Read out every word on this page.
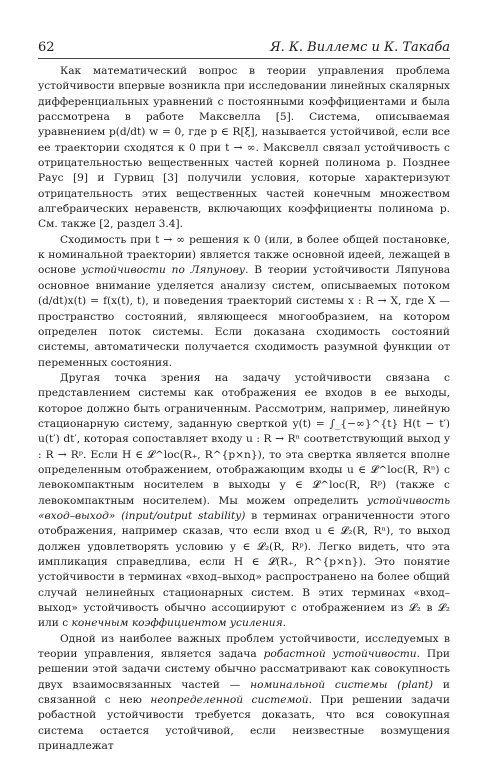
62	Я. К. Виллемс и К. Такаба

Как математический вопрос в теории управления проблема устойчивости впервые возникла при исследовании линейных скалярных дифференциальных уравнений с постоянными коэффициентами и была рассмотрена в работе Максвелла [5]. Система, описываемая уравнением p(d/dt) w = 0, где p ∈ R[ξ], называется устойчивой, если все ее траектории сходятся к 0 при t → ∞. Максвелл связал устойчивость с отрицательностью вещественных частей корней полинома p. Позднее Раус [9] и Гурвиц [3] получили условия, которые характеризуют отрицательность этих вещественных частей конечным множеством алгебраических неравенств, включающих коэффициенты полинома p. См. также [2, раздел 3.4].

Сходимость при t → ∞ решения к 0 (или, в более общей постановке, к номинальной траектории) является также основной идеей, лежащей в основе устойчивости по Ляпунову. В теории устойчивости Ляпунова основное внимание уделяется анализу систем, описываемых потоком (d/dt)x(t) = f(x(t), t), и поведения траекторий системы x : R → X, где X — пространство состояний, являющееся многообразием, на котором определен поток системы. Если доказана сходимость состояний системы, автоматически получается сходимость разумной функции от переменных состояния.

Другая точка зрения на задачу устойчивости связана с представлением системы как отображения ее входов в ее выходы, которое должно быть ограниченным. Рассмотрим, например, линейную стационарную систему, заданную сверткой y(t) = ∫_{−∞}^{t} H(t − t′) u(t′) dt′, которая сопоставляет входу u : R → Rⁿ соответствующий выход y : R → Rᵖ. Если H ∈ 𝓛^loc(R₊, R^{p×n}), то эта свертка является вполне определенным отображением, отображающим входы u ∈ 𝓛^loc(R, Rⁿ) с левокомпактным носителем в выходы y ∈ 𝓛^loc(R, Rᵖ) (также с левокомпактным носителем). Мы можем определить устойчивость «вход–выход» (input/output stability) в терминах ограниченности этого отображения, например сказав, что если вход u ∈ 𝓛₂(R, Rⁿ), то выход должен удовлетворять условию y ∈ 𝓛₂(R, Rᵖ). Легко видеть, что эта импликация справедлива, если H ∈ 𝓛(R₊, R^{p×n}). Это понятие устойчивости в терминах «вход–выход» распространено на более общий случай нелинейных стационарных систем. В этих терминах «вход–выход» устойчивость обычно ассоциируют с отображением из 𝓛₂ в 𝓛₂ или с конечным коэффициентом усиления.

Одной из наиболее важных проблем устойчивости, исследуемых в теории управления, является задача робастной устойчивости. При решении этой задачи систему обычно рассматривают как совокупность двух взаимосвязанных частей — номинальной системы (plant) и связанной с нею неопределенной системой. При решении задачи робастной устойчивости требуется доказать, что вся совокупная система остается устойчивой, если неизвестные возмущения принадлежат
